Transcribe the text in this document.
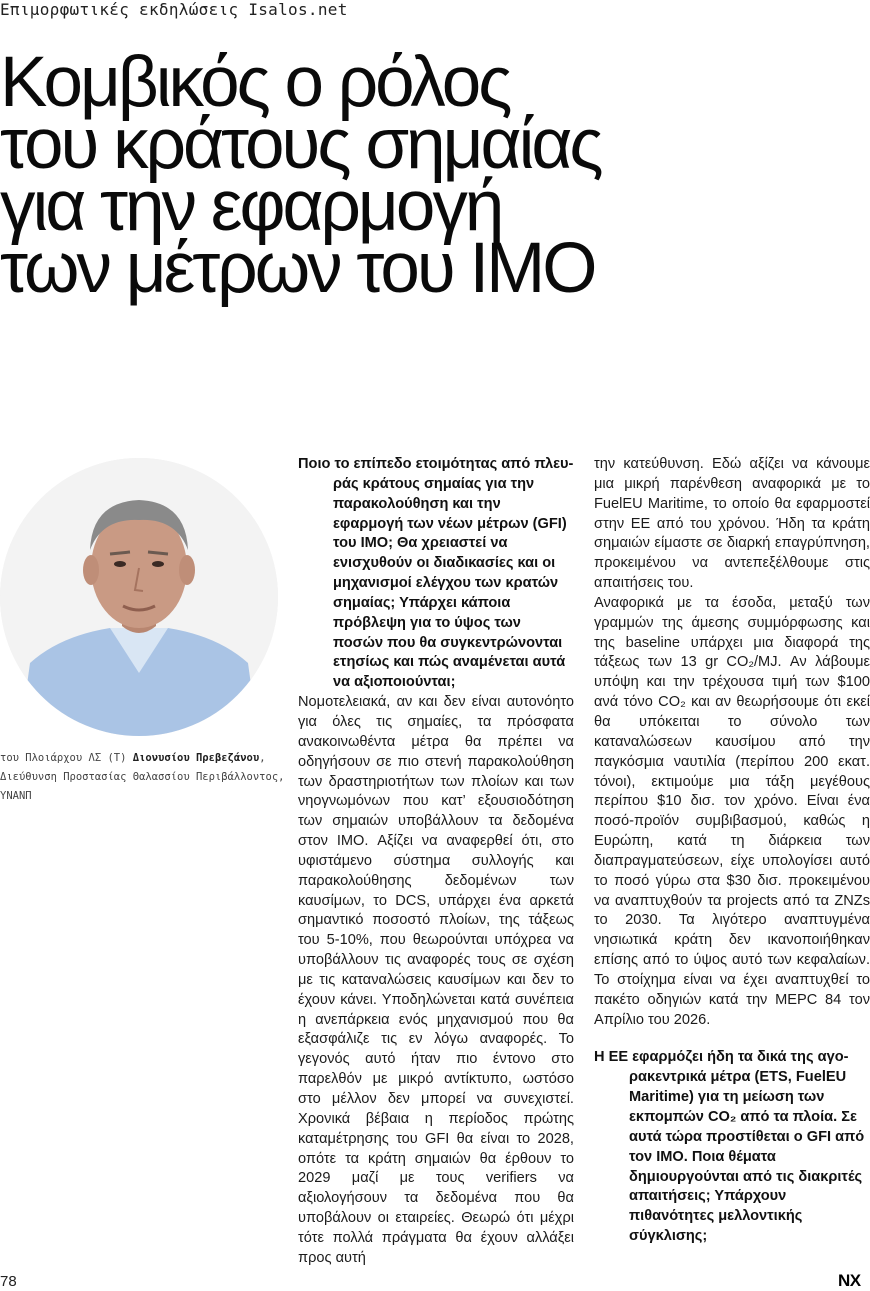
Επιμορφωτικές εκδηλώσεις Isalos.net
Κομβικός ο ρόλος
του κράτους σημαίας
για την εφαρμογή
των μέτρων του ΙΜΟ
του Πλοιάρχου ΛΣ (Τ) Διονυσίου Πρεβεζάνου, Διεύθυνση Προστασίας Θαλασσίου Περιβάλλοντος, ΥΝΑΝΠ

Ποιο το επίπεδο ετοιμότητας από πλευ-
ράς κράτους σημαίας για την παρακολούθηση και την εφαρμογή των νέων μέτρων (GFI) του IMO; Θα χρειαστεί να ενισχυθούν οι διαδικασίες και οι μηχανισμοί ελέγχου των κρατών σημαίας; Υπάρχει κάποια πρόβλεψη για το ύψος των ποσών που θα συγκεντρώνονται ετησίως και πώς αναμένεται αυτά να αξιοποιούνται;

Νομοτελειακά, αν και δεν είναι αυτονόητο για όλες τις σημαίες, τα πρόσφατα ανακοινωθέντα μέτρα θα πρέπει να οδηγήσουν σε πιο στενή παρακολούθηση των δραστηριοτήτων των πλοίων και των νηογνωμόνων που κατ’ εξουσιοδότηση των σημαιών υποβάλλουν τα δεδομένα στον IMO. Αξίζει να αναφερθεί ότι, στο υφιστάμενο σύστημα συλλογής και παρακολούθησης δεδομένων των καυσίμων, το DCS, υπάρχει ένα αρκετά σημαντικό ποσοστό πλοίων, της τάξεως του 5-10%, που θεωρούνται υπόχρεα να υποβάλλουν τις αναφορές τους σε σχέση με τις καταναλώσεις καυσίμων και δεν το έχουν κάνει. Υποδηλώνεται κατά συνέπεια η ανεπάρκεια ενός μηχανισμού που θα εξασφάλιζε τις εν λόγω αναφορές. Το γεγονός αυτό ήταν πιο έντονο στο παρελθόν με μικρό αντίκτυπο, ωστόσο στο μέλλον δεν μπορεί να συνεχιστεί. Χρονικά βέβαια η περίοδος πρώτης καταμέτρησης του GFI θα είναι το 2028, οπότε τα κράτη σημαιών θα έρθουν το 2029 μαζί με τους verifiers να αξιολογήσουν τα δεδομένα που θα υποβάλουν οι εταιρείες. Θεωρώ ότι μέχρι τότε πολλά πράγματα θα έχουν αλλάξει προς αυτή

την κατεύθυνση. Εδώ αξίζει να κάνουμε μια μικρή παρένθεση αναφορικά με το FuelEU Maritime, το οποίο θα εφαρμοστεί στην ΕΕ από του χρόνου. Ήδη τα κράτη σημαιών είμαστε σε διαρκή επαγρύπνηση, προκειμένου να αντεπεξέλθουμε στις απαιτήσεις του.

Αναφορικά με τα έσοδα, μεταξύ των γραμμών της άμεσης συμμόρφωσης και της baseline υπάρχει μια διαφορά της τάξεως των 13 gr CO₂/MJ. Αν λάβουμε υπόψη και την τρέχουσα τιμή των $100 ανά τόνο CO₂ και αν θεωρήσουμε ότι εκεί θα υπόκειται το σύνολο των καταναλώσεων καυσίμου από την παγκόσμια ναυτιλία (περίπου 200 εκατ. τόνοι), εκτιμούμε μια τάξη μεγέθους περίπου $10 δισ. τον χρόνο. Είναι ένα ποσό-προϊόν συμβιβασμού, καθώς η Ευρώπη, κατά τη διάρκεια των διαπραγματεύσεων, είχε υπολογίσει αυτό το ποσό γύρω στα $30 δισ. προκειμένου να αναπτυχθούν τα projects από τα ZNZs το 2030. Τα λιγότερο αναπτυγμένα νησιωτικά κράτη δεν ικανοποιήθηκαν επίσης από το ύψος αυτό των κεφαλαίων. Το στοίχημα είναι να έχει αναπτυχθεί το πακέτο οδηγιών κατά την MEPC 84 τον Απρίλιο του 2026.

Η ΕΕ εφαρμόζει ήδη τα δικά της αγο-
ρακεντρικά μέτρα (ETS, FuelEU Maritime) για τη μείωση των εκπομπών CO₂ από τα πλοία. Σε αυτά τώρα προστίθεται ο GFI από τον ΙΜΟ. Ποια θέματα δημιουργούνται από τις διακριτές απαιτήσεις; Υπάρχουν πιθανότητες μελλοντικής σύγκλισης;

78	NX
